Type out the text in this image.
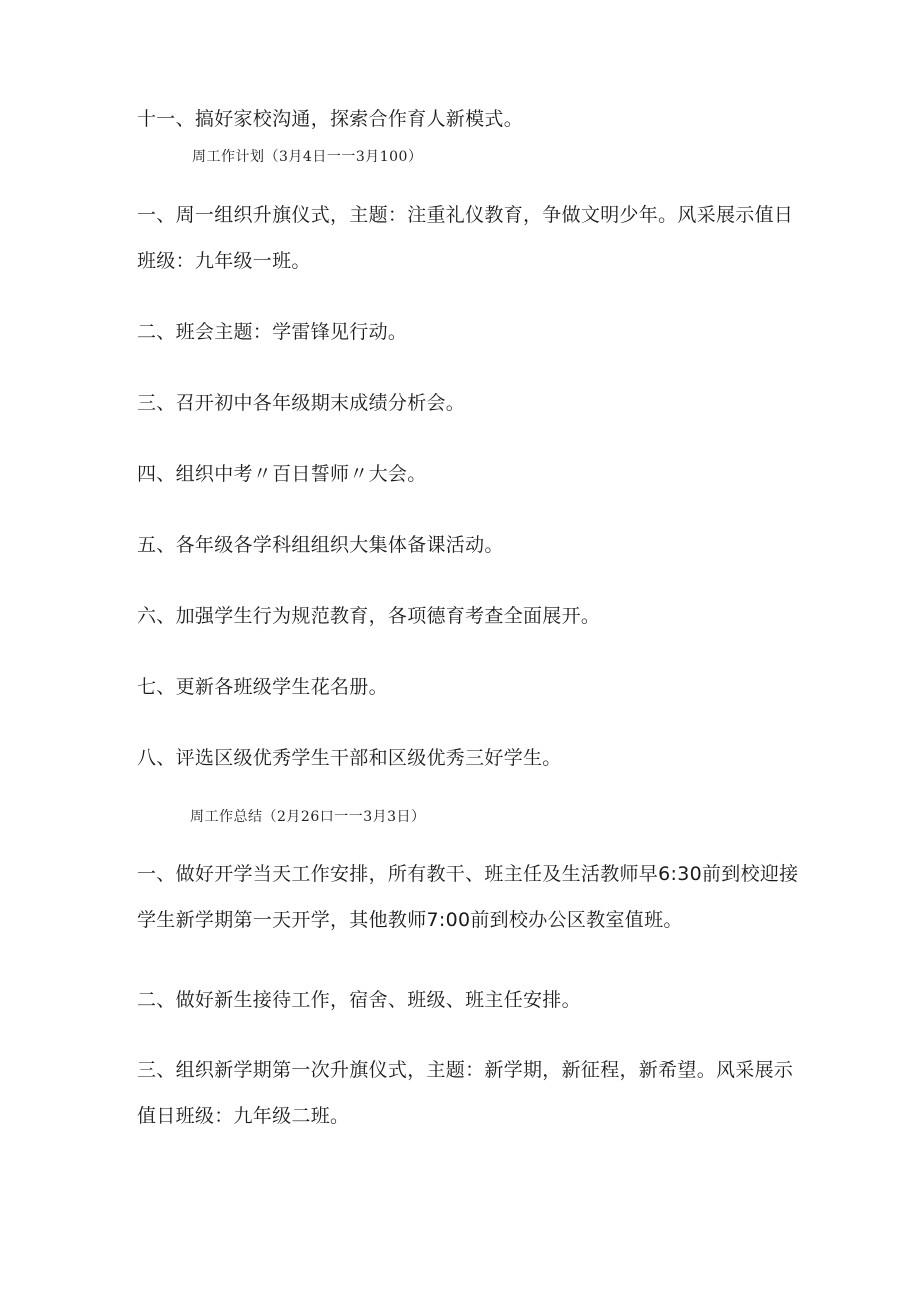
十一、搞好家校沟通，探索合作育人新模式。
周工作计划（3月4日一一3月100）
一、周一组织升旗仪式，主题：注重礼仪教育，争做文明少年。风采展示值日
班级：九年级一班。
二、班会主题：学雷锋见行动。
三、召开初中各年级期末成绩分析会。
四、组织中考〃百日誓师〃大会。
五、各年级各学科组组织大集体备课活动。
六、加强学生行为规范教育，各项德育考查全面展开。
七、更新各班级学生花名册。
八、评选区级优秀学生干部和区级优秀三好学生。
周工作总结（2月26口一一3月3日）
一、做好开学当天工作安排，所有教干、班主任及生活教师早6:30前到校迎接
学生新学期第一天开学，其他教师7:00前到校办公区教室值班。
二、做好新生接待工作，宿舍、班级、班主任安排。
三、组织新学期第一次升旗仪式，主题：新学期，新征程，新希望。风采展示
值日班级：九年级二班。
